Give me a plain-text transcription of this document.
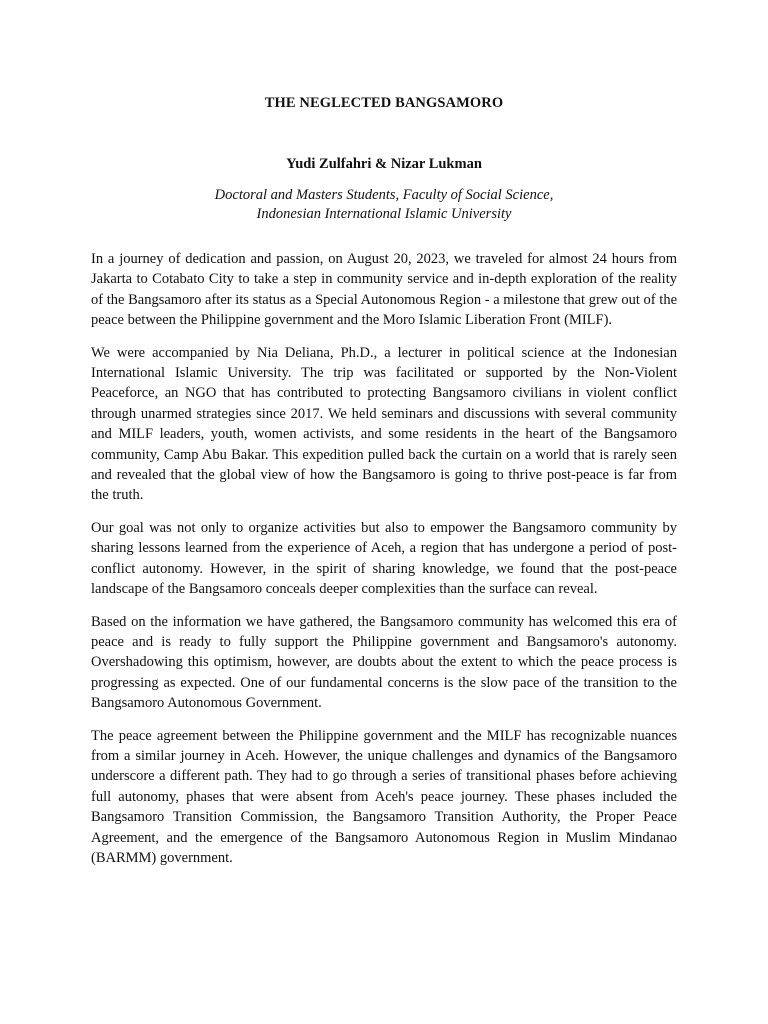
THE NEGLECTED BANGSAMORO
Yudi Zulfahri & Nizar Lukman
Doctoral and Masters Students, Faculty of Social Science,
Indonesian International Islamic University

In a journey of dedication and passion, on August 20, 2023, we traveled for almost 24 hours from Jakarta to Cotabato City to take a step in community service and in-depth exploration of the reality of the Bangsamoro after its status as a Special Autonomous Region - a milestone that grew out of the peace between the Philippine government and the Moro Islamic Liberation Front (MILF).

We were accompanied by Nia Deliana, Ph.D., a lecturer in political science at the Indonesian International Islamic University. The trip was facilitated or supported by the Non-Violent Peaceforce, an NGO that has contributed to protecting Bangsamoro civilians in violent conflict through unarmed strategies since 2017. We held seminars and discussions with several community and MILF leaders, youth, women activists, and some residents in the heart of the Bangsamoro community, Camp Abu Bakar. This expedition pulled back the curtain on a world that is rarely seen and revealed that the global view of how the Bangsamoro is going to thrive post-peace is far from the truth.

Our goal was not only to organize activities but also to empower the Bangsamoro community by sharing lessons learned from the experience of Aceh, a region that has undergone a period of post-conflict autonomy. However, in the spirit of sharing knowledge, we found that the post-peace landscape of the Bangsamoro conceals deeper complexities than the surface can reveal.

Based on the information we have gathered, the Bangsamoro community has welcomed this era of peace and is ready to fully support the Philippine government and Bangsamoro's autonomy. Overshadowing this optimism, however, are doubts about the extent to which the peace process is progressing as expected. One of our fundamental concerns is the slow pace of the transition to the Bangsamoro Autonomous Government.

The peace agreement between the Philippine government and the MILF has recognizable nuances from a similar journey in Aceh. However, the unique challenges and dynamics of the Bangsamoro underscore a different path. They had to go through a series of transitional phases before achieving full autonomy, phases that were absent from Aceh's peace journey. These phases included the Bangsamoro Transition Commission, the Bangsamoro Transition Authority, the Proper Peace Agreement, and the emergence of the Bangsamoro Autonomous Region in Muslim Mindanao (BARMM) government.
